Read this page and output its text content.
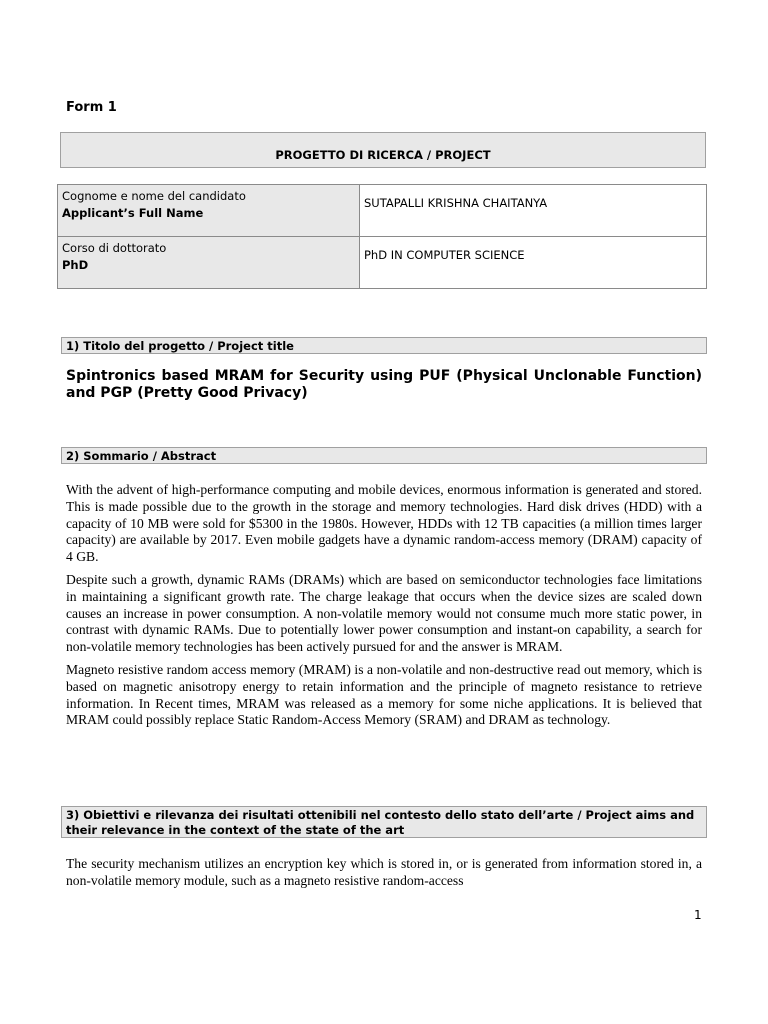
Form 1
PROGETTO DI RICERCA / PROJECT
Cognome e nome del candidato
Applicant’s Full Name	SUTAPALLI KRISHNA CHAITANYA

Corso di dottorato
PhD	PhD IN COMPUTER SCIENCE
1) Titolo del progetto / Project title
Spintronics based MRAM for Security using PUF (Physical Unclonable Function) and PGP (Pretty Good Privacy)
2) Sommario / Abstract

With the advent of high-performance computing and mobile devices, enormous information is generated and stored. This is made possible due to the growth in the storage and memory technologies. Hard disk drives (HDD) with a capacity of 10 MB were sold for $5300 in the 1980s. However, HDDs with 12 TB capacities (a million times larger capacity) are available by 2017. Even mobile gadgets have a dynamic random-access memory (DRAM) capacity of 4 GB.

Despite such a growth, dynamic RAMs (DRAMs) which are based on semiconductor technologies face limitations in maintaining a significant growth rate. The charge leakage that occurs when the device sizes are scaled down causes an increase in power consumption. A non-volatile memory would not consume much more static power, in contrast with dynamic RAMs. Due to potentially lower power consumption and instant-on capability, a search for non-volatile memory technologies has been actively pursued for and the answer is MRAM.

Magneto resistive random access memory (MRAM) is a non-volatile and non-destructive read out memory, which is based on magnetic anisotropy energy to retain information and the principle of magneto resistance to retrieve information. In Recent times, MRAM was released as a memory for some niche applications. It is believed that MRAM could possibly replace Static Random-Access Memory (SRAM) and DRAM as technology.

3) Obiettivi e rilevanza dei risultati ottenibili nel contesto dello stato dell’arte / Project aims and their relevance in the context of the state of the art

The security mechanism utilizes an encryption key which is stored in, or is generated from information stored in, a non-volatile memory module, such as a magneto resistive random-access

1
